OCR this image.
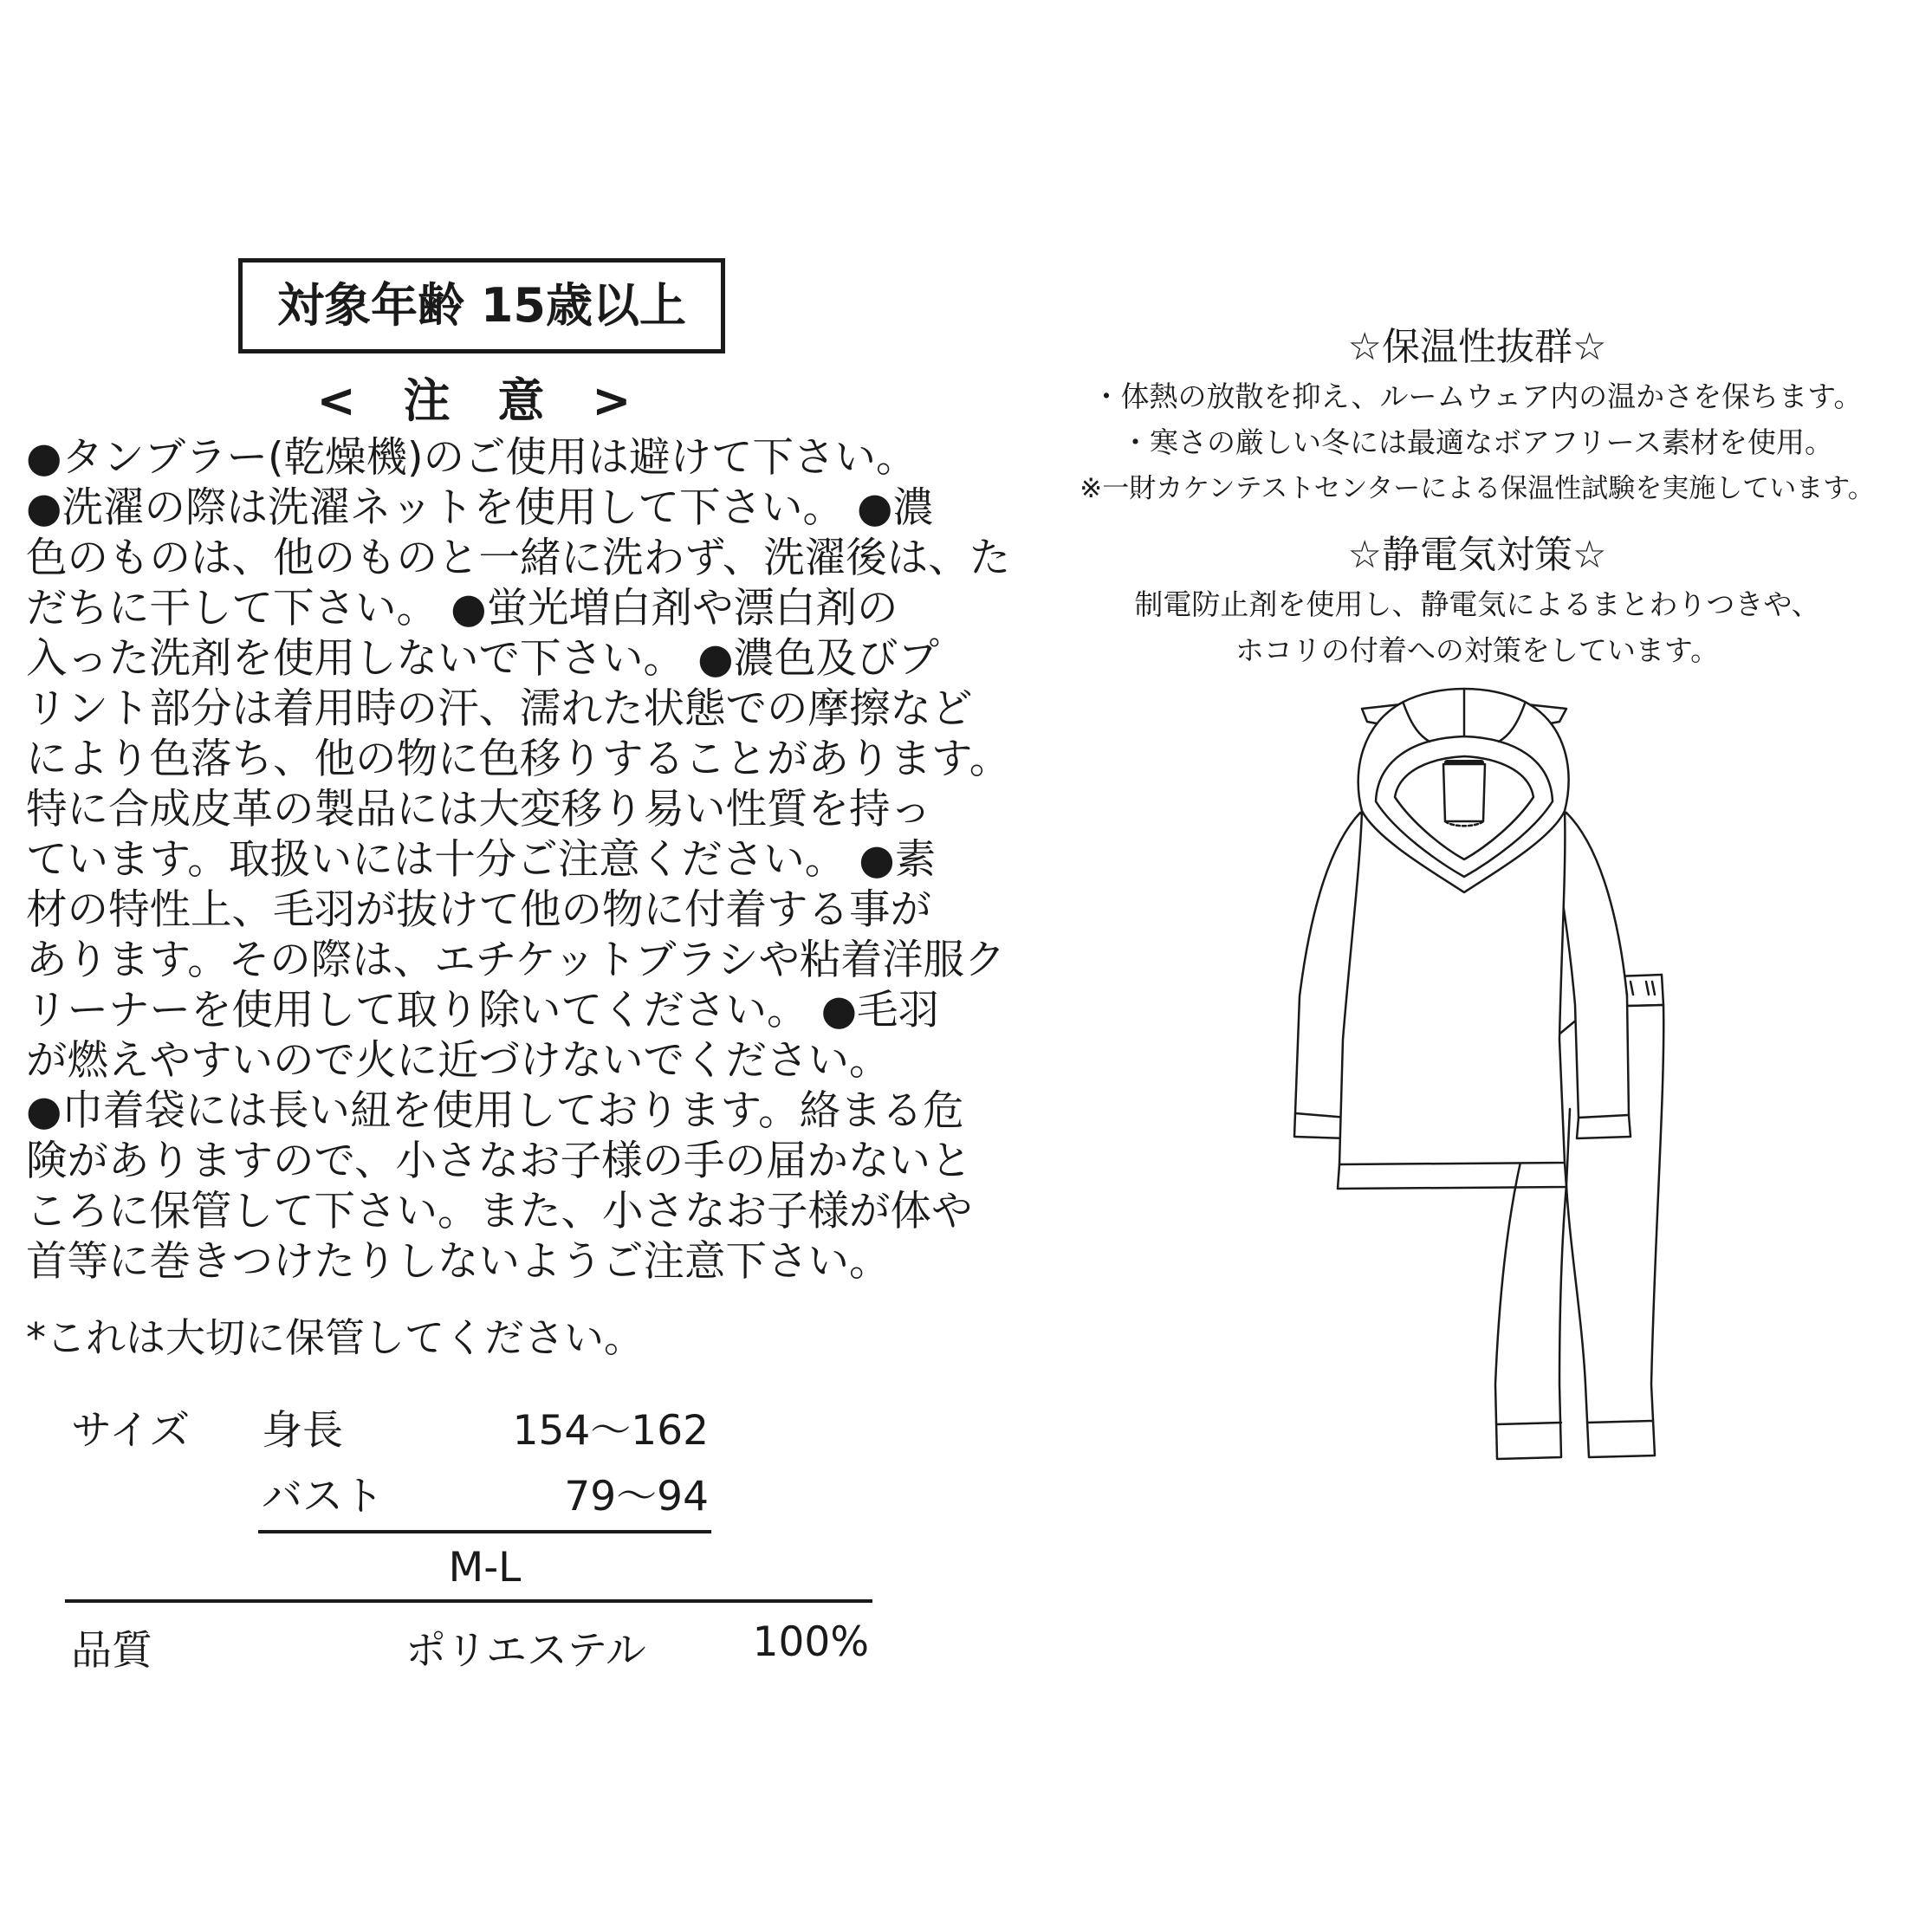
対象年齢 15歳以上
< 注 意 >

●タンブラー(乾燥機)のご使用は避けて下さい。

●洗濯の際は洗濯ネットを使用して下さい。 ●濃

色のものは、他のものと一緒に洗わず、洗濯後は、た

だちに干して下さい。 ●蛍光増白剤や漂白剤の

入った洗剤を使用しないで下さい。 ●濃色及びプ

リント部分は着用時の汗、濡れた状態での摩擦など

により色落ち、他の物に色移りすることがあります。

特に合成皮革の製品には大変移り易い性質を持っ

ています。取扱いには十分ご注意ください。 ●素

材の特性上、毛羽が抜けて他の物に付着する事が

あります。その際は、エチケットブラシや粘着洋服ク

リーナーを使用して取り除いてください。 ●毛羽

が燃えやすいので火に近づけないでください。

●巾着袋には長い紐を使用しております。絡まる危

険がありますので、小さなお子様の手の届かないと

ころに保管して下さい。また、小さなお子様が体や

首等に巻きつけたりしないようご注意下さい。

*これは大切に保管してください。
サイズ 身長	154～162
バスト	79～94
M-L
品質	ポリエステル	100%
☆保温性抜群☆
・体熱の放散を抑え、ルームウェア内の温かさを保ちます。
・寒さの厳しい冬には最適なボアフリース素材を使用。
※一財カケンテストセンターによる保温性試験を実施しています。
☆静電気対策☆
制電防止剤を使用し、静電気によるまとわりつきや、
ホコリの付着への対策をしています。
